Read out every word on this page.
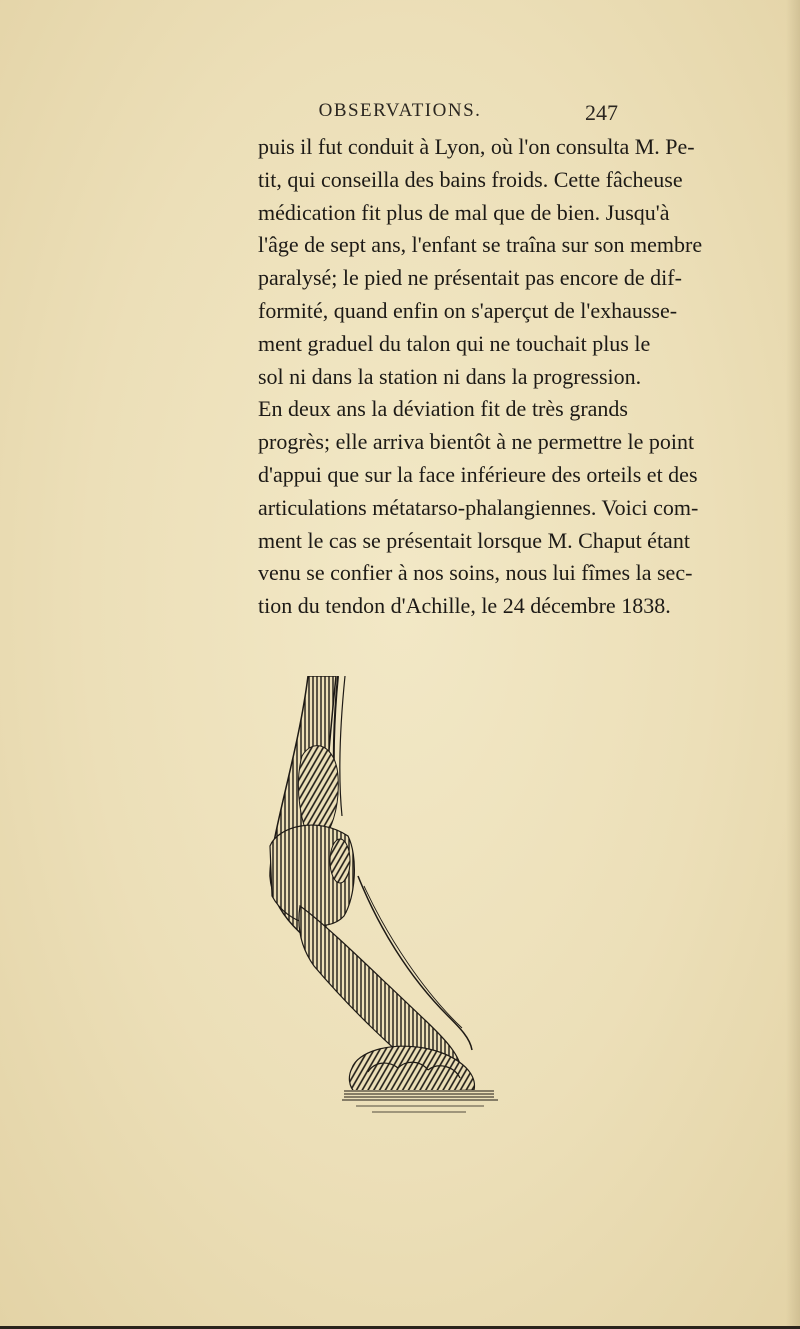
OBSERVATIONS.	247
puis il fut conduit à Lyon, où l'on consulta M. Pe-
tit, qui conseilla des bains froids. Cette fâcheuse
médication fit plus de mal que de bien. Jusqu'à
l'âge de sept ans, l'enfant se traîna sur son membre
paralysé; le pied ne présentait pas encore de dif-
formité, quand enfin on s'aperçut de l'exhausse-
ment graduel du talon qui ne touchait plus le
sol ni dans la station ni dans la progression.
En deux ans la déviation fit de très grands
progrès; elle arriva bientôt à ne permettre le point
d'appui que sur la face inférieure des orteils et des
articulations métatarso-phalangiennes. Voici com-
ment le cas se présentait lorsque M. Chaput étant
venu se confier à nos soins, nous lui fîmes la sec-
tion du tendon d'Achille, le 24 décembre 1838.
